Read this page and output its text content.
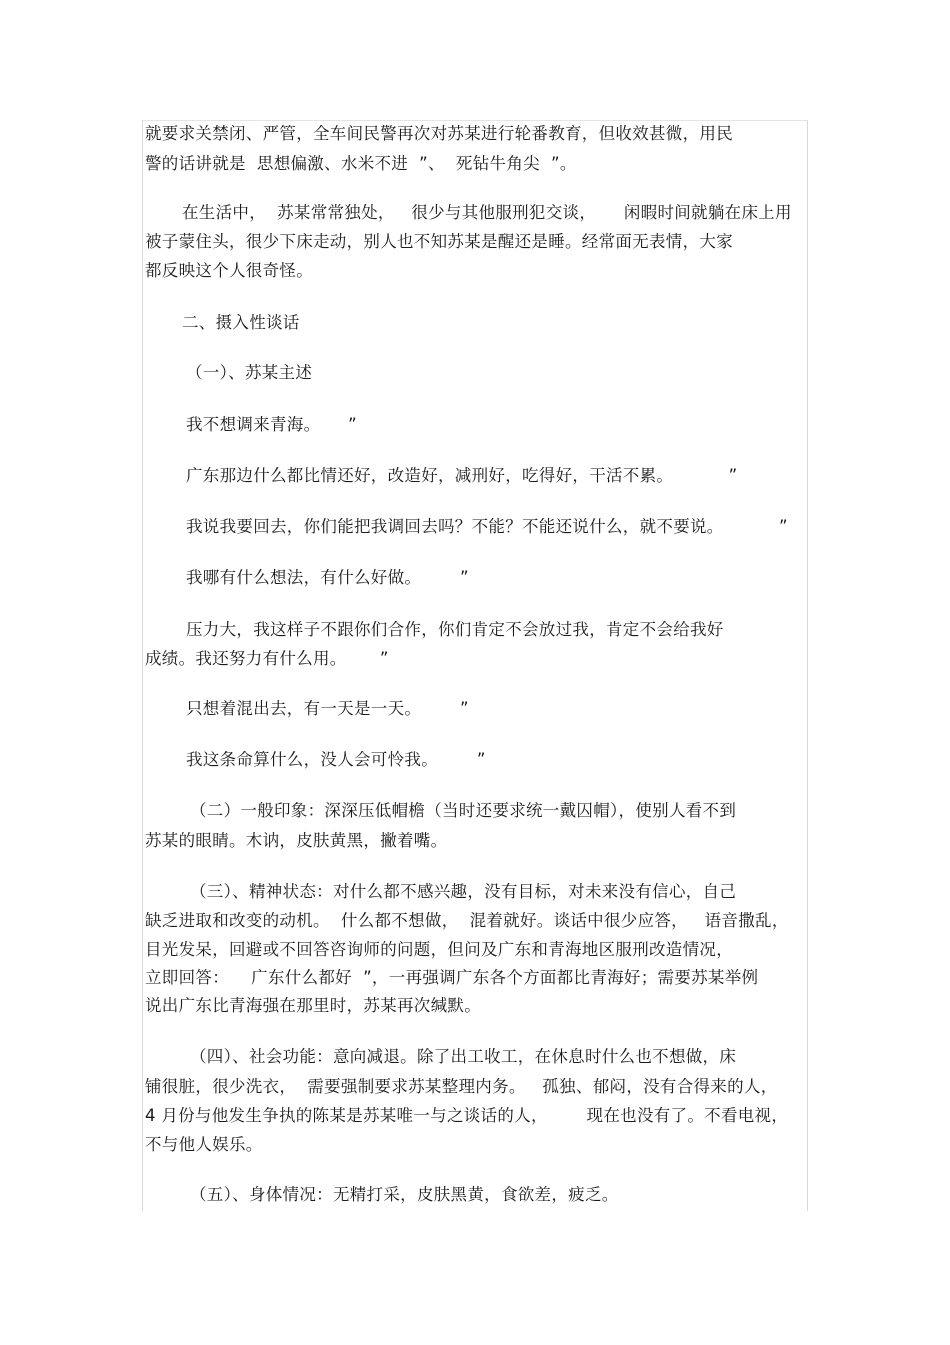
就要求关禁闭、严管，全车间民警再次对苏某进行轮番教育，但收效甚微，用民
警的话讲就是  思想偏激、水米不进  ”、  死钻牛角尖  ”。
在生活中，  苏某常常独处，   很少与其他服刑犯交谈，     闲暇时间就躺在床上用
被子蒙住头，很少下床走动，别人也不知苏某是醒还是睡。经常面无表情，大家
都反映这个人很奇怪。
二、摄入性谈话
（一）、苏某主述
我不想调来青海。     ”
广东那边什么都比情还好，改造好，减刑好，吃得好，干活不累。          ”
我说我要回去，你们能把我调回去吗？不能？不能还说什么，就不要说。          ”
我哪有什么想法，有什么好做。       ”
压力大，我这样子不跟你们合作，你们肯定不会放过我，肯定不会给我好
成绩。我还努力有什么用。      ”
只想着混出去，有一天是一天。       ”
我这条命算什么，没人会可怜我。       ”
（二）一般印象：深深压低帽檐（当时还要求统一戴囚帽），使别人看不到
苏某的眼睛。木讷，皮肤黄黑，撇着嘴。
（三）、精神状态：对什么都不感兴趣，没有目标，对未来没有信心，自己
缺乏进取和改变的动机。  什么都不想做，  混着就好。谈话中很少应答，   语音撒乱，
目光发呆，回避或不回答咨询师的问题，但问及广东和青海地区服刑改造情况，
立即回答：    广东什么都好  ”，一再强调广东各个方面都比青海好；需要苏某举例
说出广东比青海强在那里时，苏某再次缄默。
（四）、社会功能：意向减退。除了出工收工，在休息时什么也不想做，床
铺很脏，很少洗衣，  需要强制要求苏某整理内务。   孤独、郁闷，没有合得来的人，
4 月份与他发生争执的陈某是苏某唯一与之谈话的人，       现在也没有了。不看电视，
不与他人娱乐。
（五）、身体情况：无精打采，皮肤黑黄，食欲差，疲乏。
